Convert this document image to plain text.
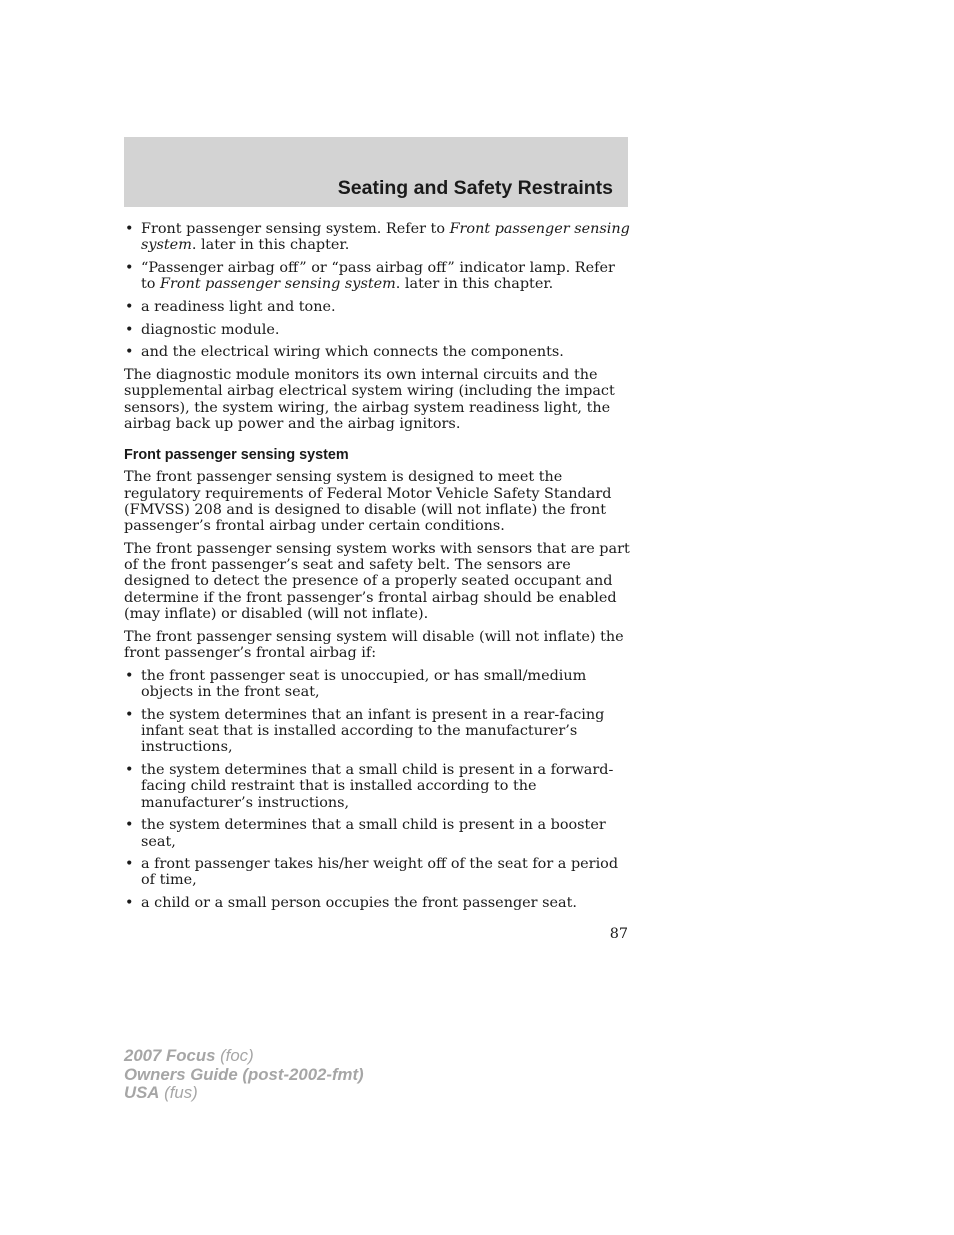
Seating and Safety Restraints
• Front passenger sensing system. Refer to Front passenger sensing system. later in this chapter.
• “Passenger airbag off” or “pass airbag off” indicator lamp. Refer to Front passenger sensing system. later in this chapter.
• a readiness light and tone.
• diagnostic module.
• and the electrical wiring which connects the components.

The diagnostic module monitors its own internal circuits and the supplemental airbag electrical system wiring (including the impact sensors), the system wiring, the airbag system readiness light, the airbag back up power and the airbag ignitors.

Front passenger sensing system

The front passenger sensing system is designed to meet the regulatory requirements of Federal Motor Vehicle Safety Standard (FMVSS) 208 and is designed to disable (will not inflate) the front passenger’s frontal airbag under certain conditions.

The front passenger sensing system works with sensors that are part of the front passenger’s seat and safety belt. The sensors are designed to detect the presence of a properly seated occupant and determine if the front passenger’s frontal airbag should be enabled (may inflate) or disabled (will not inflate).

The front passenger sensing system will disable (will not inflate) the front passenger’s frontal airbag if:

• the front passenger seat is unoccupied, or has small/medium objects in the front seat,
• the system determines that an infant is present in a rear-facing infant seat that is installed according to the manufacturer’s instructions,
• the system determines that a small child is present in a forward-facing child restraint that is installed according to the manufacturer’s instructions,
• the system determines that a small child is present in a booster seat,
• a front passenger takes his/her weight off of the seat for a period of time,
• a child or a small person occupies the front passenger seat.
87
2007 Focus (foc)
Owners Guide (post-2002-fmt)
USA (fus)
